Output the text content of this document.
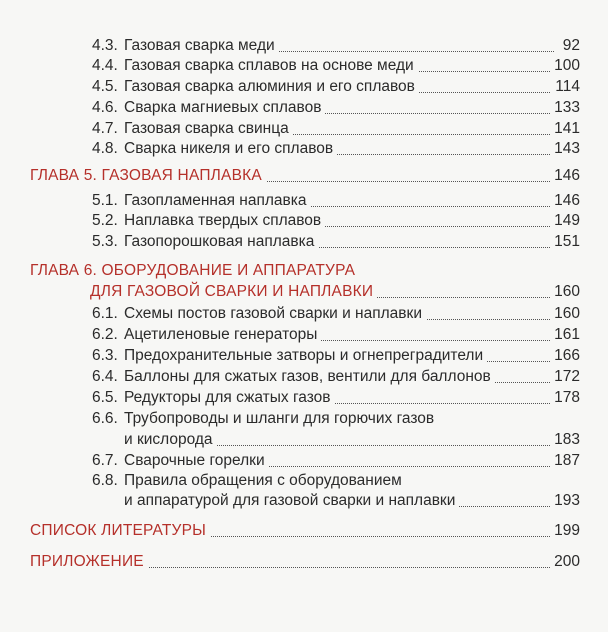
4.3. Газовая сварка меди	92
4.4. Газовая сварка сплавов на основе меди	100
4.5. Газовая сварка алюминия и его сплавов	114
4.6. Сварка магниевых сплавов	133
4.7. Газовая сварка свинца	141
4.8. Сварка никеля и его сплавов	143
ГЛАВА 5. ГАЗОВАЯ НАПЛАВКА	146
5.1. Газопламенная наплавка	146
5.2. Наплавка твердых сплавов	149
5.3. Газопорошковая наплавка	151
ГЛАВА 6. ОБОРУДОВАНИЕ И АППАРАТУРА
ДЛЯ ГАЗОВОЙ СВАРКИ И НАПЛАВКИ	160
6.1. Схемы постов газовой сварки и наплавки	160
6.2. Ацетиленовые генераторы	161
6.3. Предохранительные затворы и огнепреградители	166
6.4. Баллоны для сжатых газов, вентили для баллонов	172
6.5. Редукторы для сжатых газов	178
6.6. Трубопроводы и шланги для горючих газов
и кислорода	183
6.7. Сварочные горелки	187
6.8. Правила обращения с оборудованием
и аппаратурой для газовой сварки и наплавки	193
СПИСОК ЛИТЕРАТУРЫ	199
ПРИЛОЖЕНИЕ	200
